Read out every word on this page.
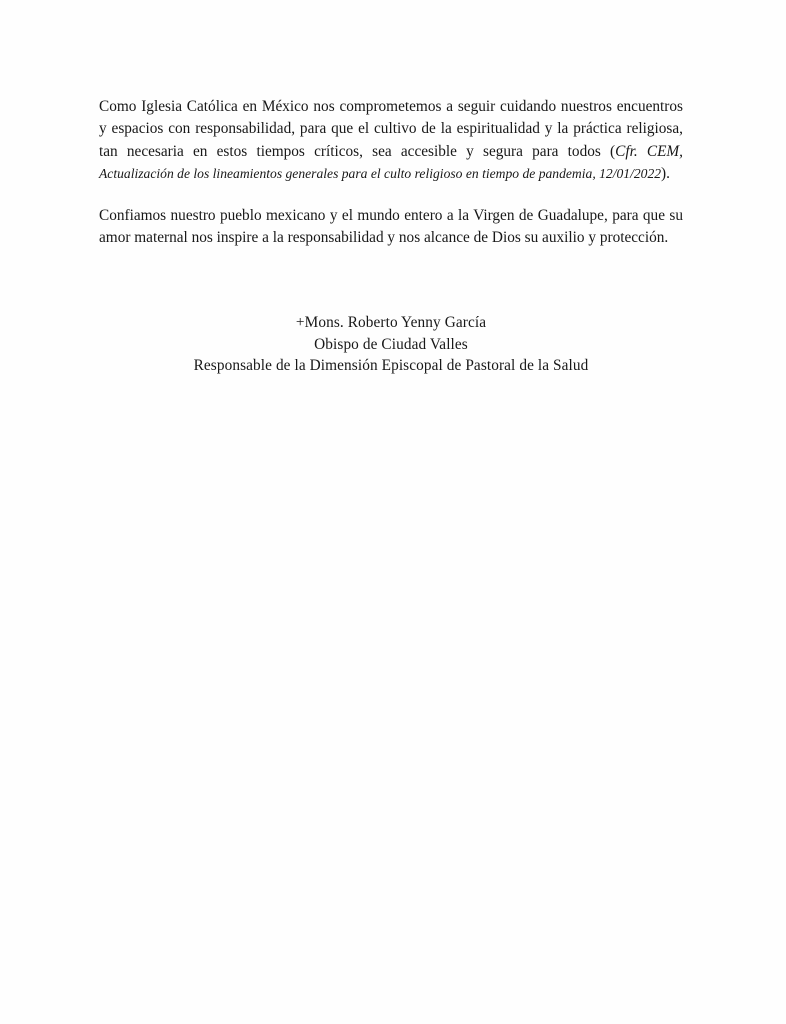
Como Iglesia Católica en México nos comprometemos a seguir cuidando nuestros encuentros y espacios con responsabilidad, para que el cultivo de la espiritualidad y la práctica religiosa, tan necesaria en estos tiempos críticos, sea accesible y segura para todos (Cfr. CEM, Actualización de los lineamientos generales para el culto religioso en tiempo de pandemia, 12/01/2022).

Confiamos nuestro pueblo mexicano y el mundo entero a la Virgen de Guadalupe, para que su amor maternal nos inspire a la responsabilidad y nos alcance de Dios su auxilio y protección.

+Mons. Roberto Yenny García
Obispo de Ciudad Valles
Responsable de la Dimensión Episcopal de Pastoral de la Salud
